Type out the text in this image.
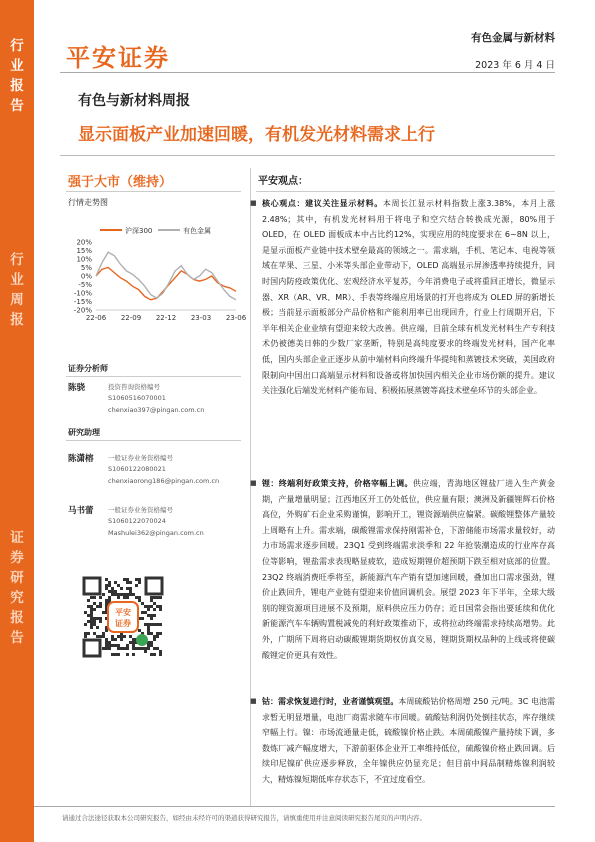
行
业
报
告
行
业
周
报
证
券
研
究
报
告
平安证券
有色金属与新材料
2023 年 6 月 4 日
有色与新材料周报
显示面板产业加速回暖，有机发光材料需求上行
强于大市（维持）
行情走势图
沪深300	有色金属
20%
15%
10%
5%
0%
-5%
-10%
-15%
-20%
22-06 22-09 22-12 23-03 23-06
证券分析师
陈骁	投资咨询资格编号
S1060516070001
chenxiao397@pingan.com.cn
研究助理
陈潇榕 一般证券业务资格编号
S1060122080021
chenxiaorong186@pingan.com.cn
马书蕾 一般证券业务资格编号
S1060122070024
Mashulei362@pingan.com.cn
平安
证券
平安观点：
■ 核心观点：建议关注显示材料。本周长江显示材料指数上涨3.38%，本月上涨 2.48%；其中，有机发光材料用于将电子和空穴结合转换成光源，80%用于 OLED，在 OLED 面板成本中占比约12%，实现应用的纯度要求在 6~8N 以上，是显示面板产业链中技术壁垒最高的领域之一。需求端，手机、笔记本、电视等领域在苹果、三星、小米等头部企业带动下，OLED 高端显示屏渗透率持续提升，同时国内防疫政策优化、宏观经济水平复苏，今年消费电子或将重回正增长，微显示器、XR（AR、VR、MR）、手表等终端应用场景的打开也将成为 OLED 屏的新增长极；当前显示面板部分产品价格和产能利用率已出现回升，行业上行周期开启，下半年相关企业业绩有望迎来较大改善。供应端，目前全球有机发光材料生产专利技术仍被德美日韩的少数厂家垄断，特别是高纯度要求的终端发光材料，国产化率低，国内头部企业正逐步从前中端材料向终端升华提纯和蒸镀技术突破，美国政府限制向中国出口高端显示材料和设备或将加快国内相关企业市场份额的提升。建议关注强化后端发光材料产能布局、积极拓展蒸镀等高技术壁垒环节的头部企业。
■ 锂：终端利好政策支持，价格宰幅上调。供应端，青海地区锂盐厂进入生产黄金期，产量增量明显；江西地区开工仍处低位，供应量有限；澳洲及新疆锂辉石价格高位，外购矿石企业采购谨慎，影响开工，锂资源端供应偏紧。碳酸锂整体产量较上周略有上升。需求端，碳酸锂需求保持刚需补仓，下游储能市场需求量较好，动力市场需求逐步回暖。23Q1 受到终端需求淡季和 22 年抢装潮造成的行业库存高位等影响，锂盐需求表现略显疲软，造成短期锂价超预期下跌至相对底部的位置。23Q2 终端消费旺季将至，新能源汽车产销有望加速回暖，叠加出口需求强劲，锂价止跌回升，锂电产业链有望迎来价值回调机会。展望 2023 年下半年，全球大级别的锂资源项目进展不及预期，原料供应压力仍存；近日国常会指出要延续和优化新能源汽车车辆购置税减免的利好政策推动下，或将拉动终端需求持续高增势。此外，广期所下周将启动碳酸锂期货期权仿真交易，锂期货期权品种的上线或将使碳酸锂定价更具有效性。
■ 钴：需求恢复进行时，业者谨慎观望。本周硫酸钴价格周增 250 元/吨。3C 电池需求暂无明显增量，电池厂商需求随车市回暖。硫酸钴利润仍处倒挂状态，库存继续窄幅上行。镍：市场流通量走低，硫酸镍价格止跌。本周硫酸镍产量持续下调，多数炼厂减产幅度增大，下游前驱体企业开工率维持低位，硫酸镍价格止跌回调。后续印尼镍矿供应逐步释放，全年镍供应仍显充足；但目前中间品制精炼镍利润较大，精炼镍短期低库存状态下，不宜过度看空。
请通过合法途径获取本公司研究报告，如经由未经许可的渠道获得研究报告，请慎重使用并注意阅读研究报告尾页的声明内容。
